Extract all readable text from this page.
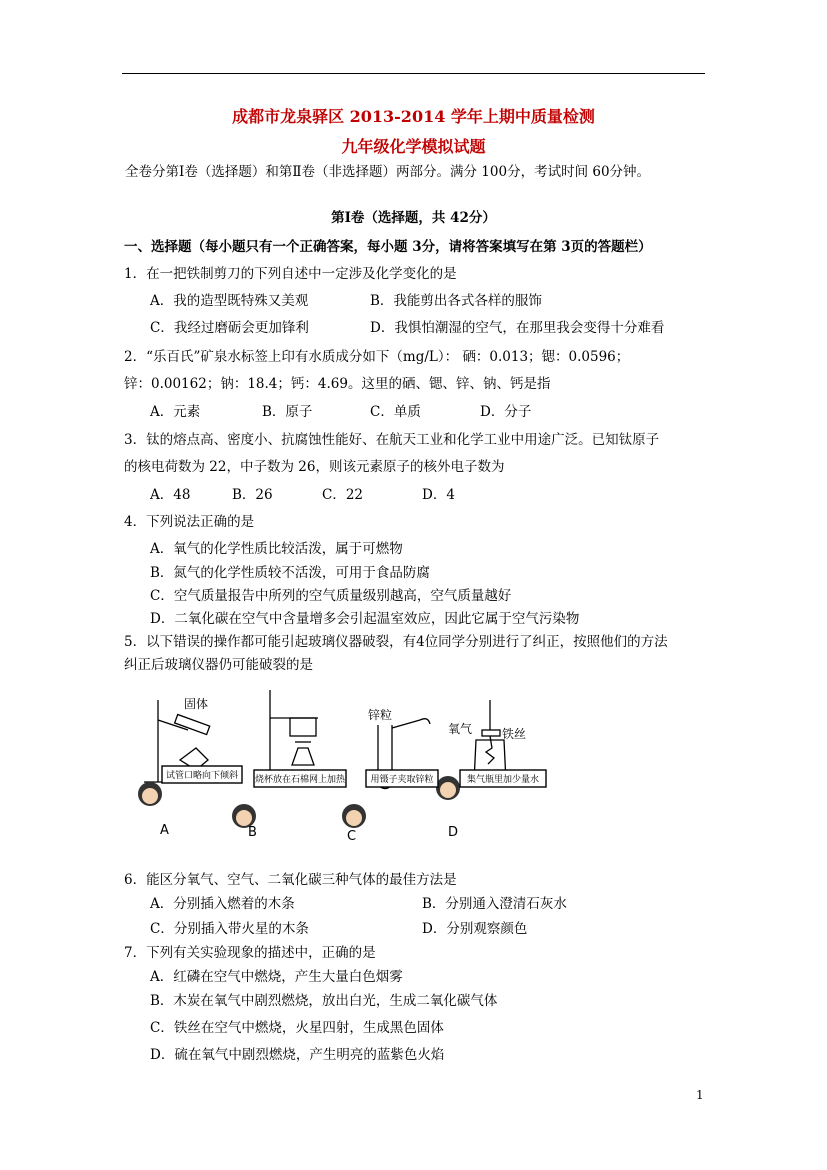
成都市龙泉驿区 2013-2014 学年上期中质量检测
九年级化学模拟试题
全卷分第Ⅰ卷（选择题）和第Ⅱ卷（非选择题）两部分。满分 100分，考试时间 60分钟。
第Ⅰ卷（选择题，共 42分）
一、选择题（每小题只有一个正确答案，每小题 3分，请将答案填写在第 3页的答题栏）
1．在一把铁制剪刀的下列自述中一定涉及化学变化的是
A．我的造型既特殊又美观	B．我能剪出各式各样的服饰
C．我经过磨砺会更加锋利	D．我惧怕潮湿的空气，在那里我会变得十分难看
2．“乐百氏”矿泉水标签上印有水质成分如下（mg/L）： 硒：0.013；锶：0.0596；
锌：0.00162；钠：18.4；钙：4.69。这里的硒、锶、锌、钠、钙是指
A．元素	B．原子	C．单质	D．分子
3．钛的熔点高、密度小、抗腐蚀性能好、在航天工业和化学工业中用途广泛。已知钛原子
的核电荷数为 22，中子数为 26，则该元素原子的核外电子数为
A．48	B．26	C．22	D．4
4．下列说法正确的是
A．氧气的化学性质比较活泼，属于可燃物
B．氮气的化学性质较不活泼，可用于食品防腐
C．空气质量报告中所列的空气质量级别越高，空气质量越好
D．二氧化碳在空气中含量增多会引起温室效应，因此它属于空气污染物
5．以下错误的操作都可能引起玻璃仪器破裂，有4位同学分别进行了纠正，按照他们的方法
纠正后玻璃仪器仍可能破裂的是
固体
锌粒
氧气 铁丝
试管口略向下倾斜 烧杯放在石棉网上加热	用镊子夹取锌粒	集气瓶里加少量水
A	B	C	D
6．能区分氧气、空气、二氧化碳三种气体的最佳方法是
A．分别插入燃着的木条	B．分别通入澄清石灰水
C．分别插入带火星的木条	D．分别观察颜色
7．下列有关实验现象的描述中，正确的是
A．红磷在空气中燃烧，产生大量白色烟雾
B．木炭在氧气中剧烈燃烧，放出白光，生成二氧化碳气体
C．铁丝在空气中燃烧，火星四射，生成黑色固体
D．硫在氧气中剧烈燃烧，产生明亮的蓝紫色火焰
1
